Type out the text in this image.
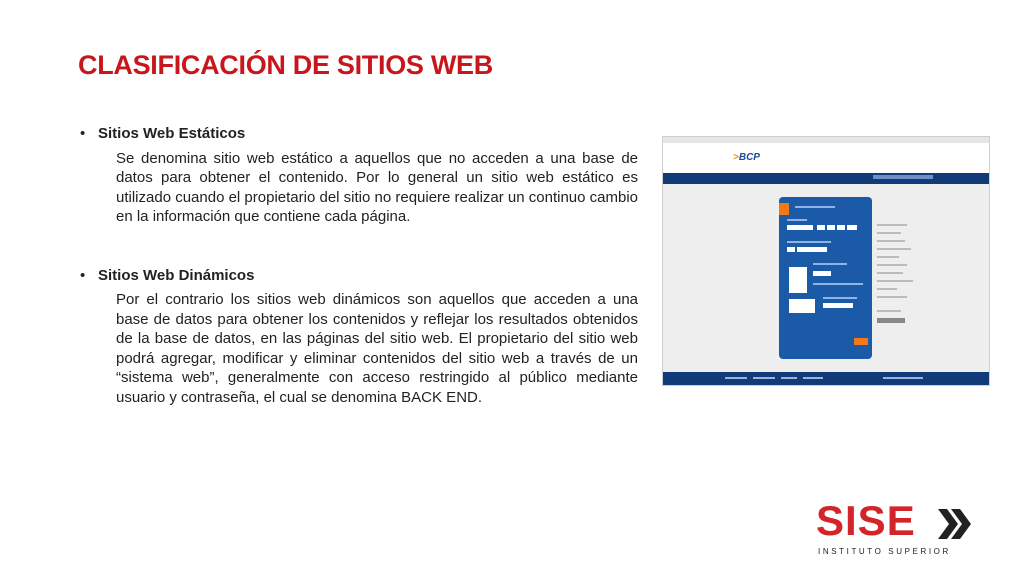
CLASIFICACIÓN DE SITIOS WEB
• Sitios Web Estáticos
Se denomina sitio web estático a aquellos que no acceden a una base de datos para obtener el contenido. Por lo general un sitio web estático es utilizado cuando el propietario del sitio no requiere realizar un continuo cambio en la información que contiene cada página.
• Sitios Web Dinámicos
Por el contrario los sitios web dinámicos son aquellos que acceden a una base de datos para obtener los contenidos y reflejar los resultados obtenidos de la base de datos, en las páginas del sitio web. El propietario del sitio web podrá agregar, modificar y eliminar contenidos del sitio web a través de un “sistema web”, generalmente con acceso restringido al público mediante usuario y contraseña, el cual se denomina BACK END.
>BCP
SISE
INSTITUTO SUPERIOR
